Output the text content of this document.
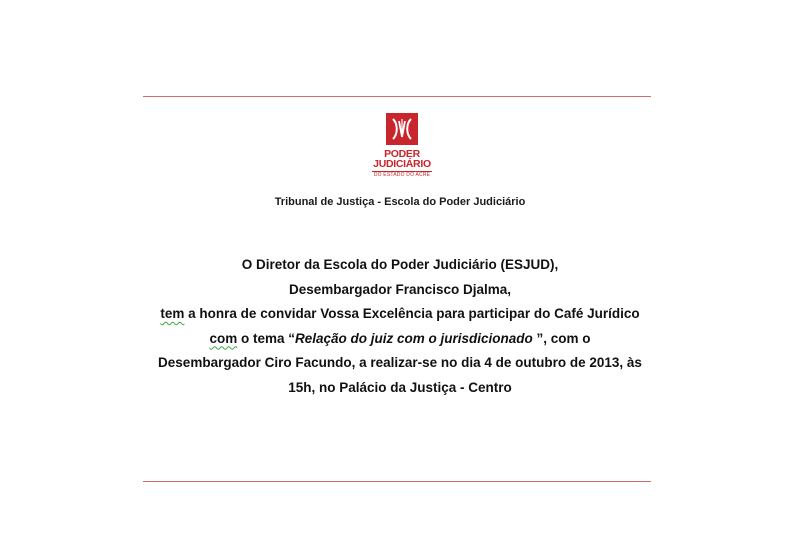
PODER
JUDICIÁRIO
DO ESTADO DO ACRE
Tribunal de Justiça - Escola do Poder Judiciário

O Diretor da Escola do Poder Judiciário (ESJUD),

Desembargador Francisco Djalma,

tem a honra de convidar Vossa Excelência para participar do Café Jurídico

com o tema “Relação do juiz com o jurisdicionado ”, com o

Desembargador Ciro Facundo, a realizar-se no dia 4 de outubro de 2013, às

15h, no Palácio da Justiça - Centro
